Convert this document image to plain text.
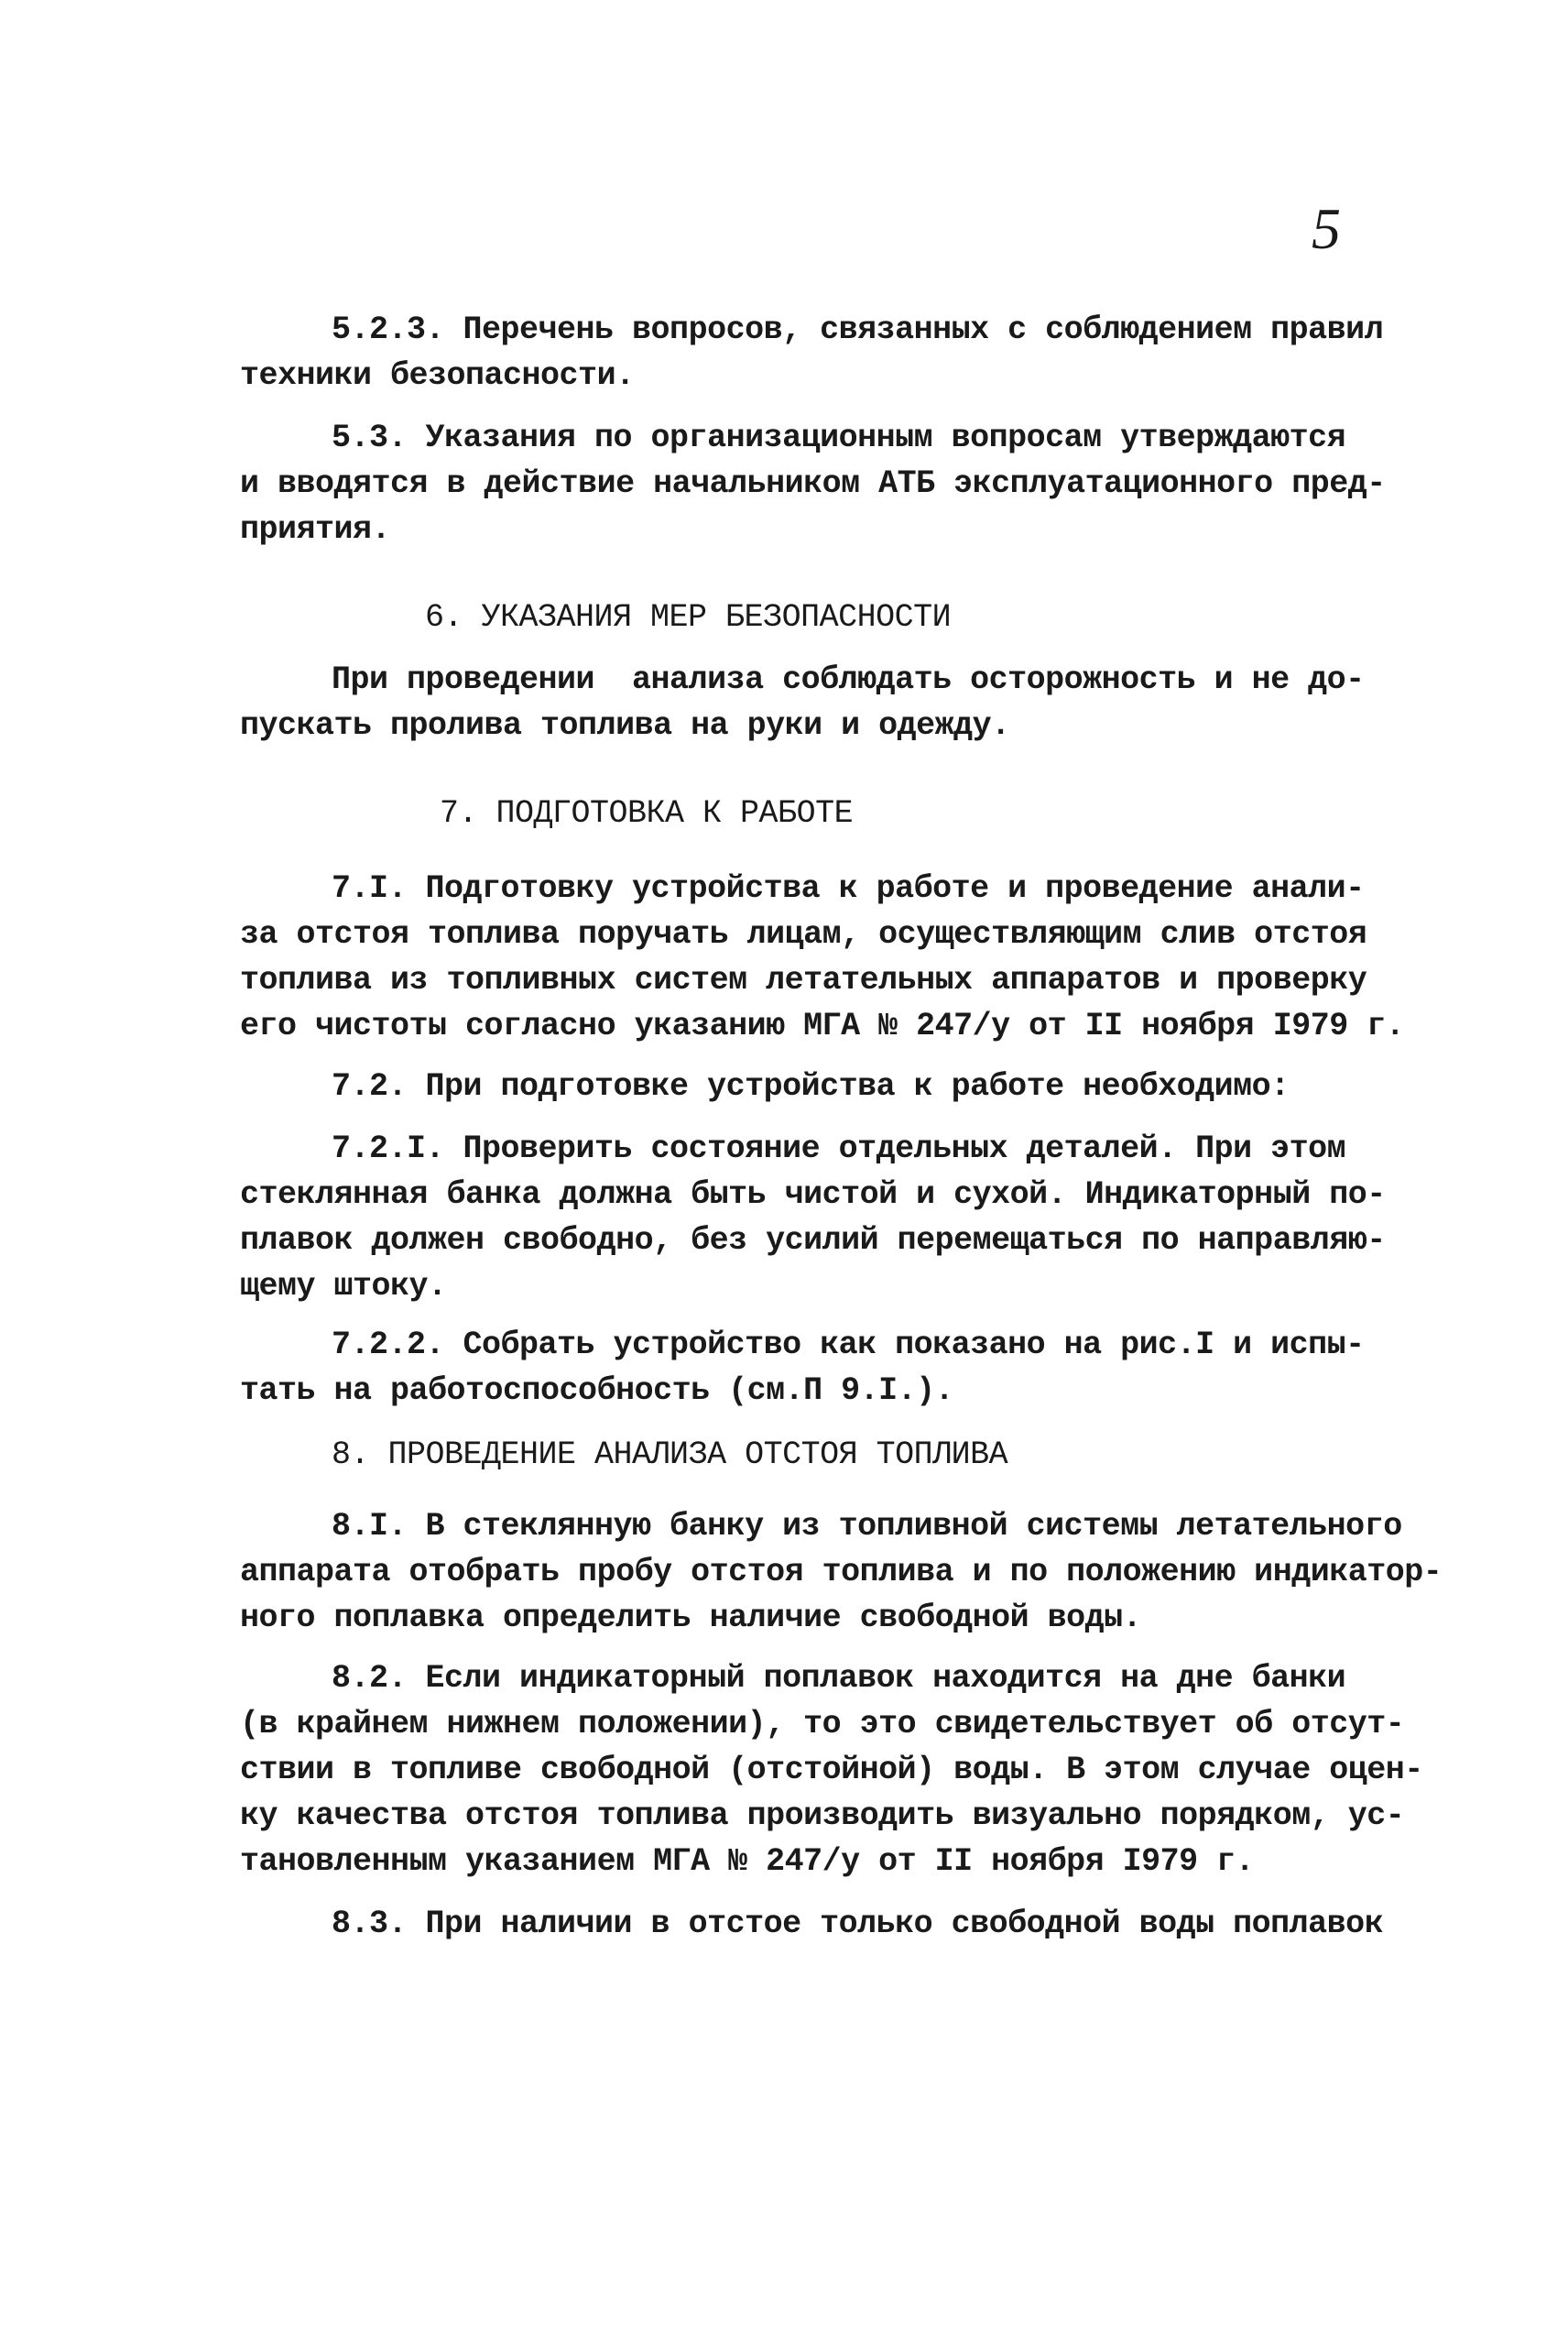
5

5.2.3. Перечень вопросов, связанных с соблюдением правил

техники безопасности.

5.3. Указания по организационным вопросам утверждаются

и вводятся в действие начальником АТБ эксплуатационного пред-

приятия.

6. УКАЗАНИЯ МЕР БЕЗОПАСНОСТИ

При проведении  анализа соблюдать осторожность и не до-

пускать пролива топлива на руки и одежду.

7. ПОДГОТОВКА К РАБОТЕ

7.I. Подготовку устройства к работе и проведение анали-

за отстоя топлива поручать лицам, осуществляющим слив отстоя

топлива из топливных систем летательных аппаратов и проверку

его чистоты согласно указанию МГА № 247/у от II ноября I979 г.

7.2. При подготовке устройства к работе необходимо:

7.2.I. Проверить состояние отдельных деталей. При этом

стеклянная банка должна быть чистой и сухой. Индикаторный по-

плавок должен свободно, без усилий перемещаться по направляю-

щему штоку.

7.2.2. Собрать устройство как показано на рис.I и испы-

тать на работоспособность (см.П 9.I.).

8. ПРОВЕДЕНИЕ АНАЛИЗА ОТСТОЯ ТОПЛИВА

8.I. В стеклянную банку из топливной системы летательного

аппарата отобрать пробу отстоя топлива и по положению индикатор-

ного поплавка определить наличие свободной воды.

8.2. Если индикаторный поплавок находится на дне банки

(в крайнем нижнем положении), то это свидетельствует об отсут-

ствии в топливе свободной (отстойной) воды. В этом случае оцен-

ку качества отстоя топлива производить визуально порядком, ус-

тановленным указанием МГА № 247/у от II ноября I979 г.

8.3. При наличии в отстое только свободной воды поплавок
